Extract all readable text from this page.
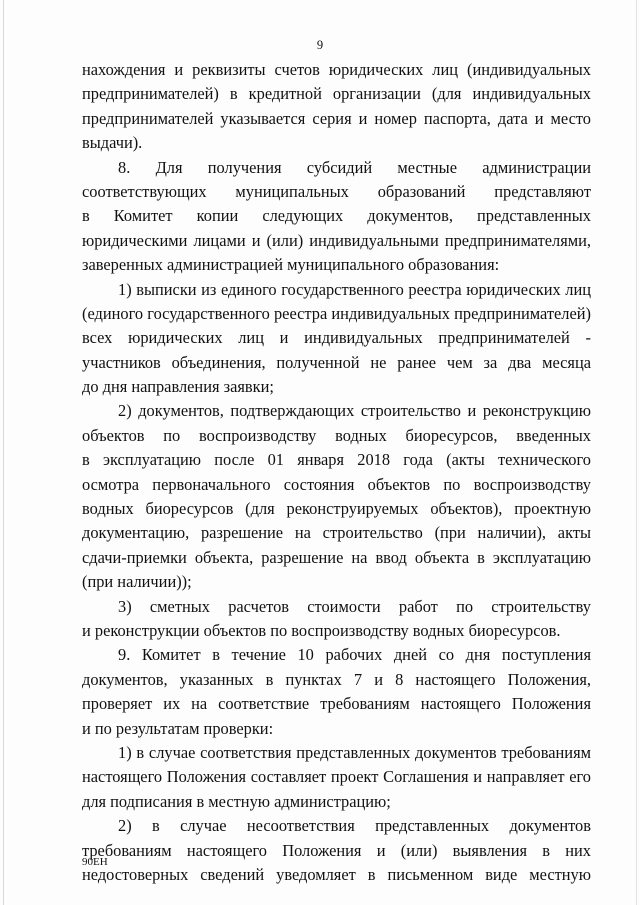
9
нахождения и реквизиты счетов юридических лиц (индивидуальных
предпринимателей) в кредитной организации (для индивидуальных
предпринимателей указывается серия и номер паспорта, дата и место
выдачи).
8. Для получения субсидий местные администрации
соответствующих муниципальных образований представляют
в Комитет копии следующих документов, представленных
юридическими лицами и (или) индивидуальными предпринимателями,
заверенных администрацией муниципального образования:
1) выписки из единого государственного реестра юридических лиц
(единого государственного реестра индивидуальных предпринимателей)
всех юридических лиц и индивидуальных предпринимателей -
участников объединения, полученной не ранее чем за два месяца
до дня направления заявки;
2) документов, подтверждающих строительство и реконструкцию
объектов по воспроизводству водных биоресурсов, введенных
в эксплуатацию после 01 января 2018 года (акты технического
осмотра первоначального состояния объектов по воспроизводству
водных биоресурсов (для реконструируемых объектов), проектную
документацию, разрешение на строительство (при наличии), акты
сдачи-приемки объекта, разрешение на ввод объекта в эксплуатацию
(при наличии));
3) сметных расчетов стоимости работ по строительству
и реконструкции объектов по воспроизводству водных биоресурсов.
9. Комитет в течение 10 рабочих дней со дня поступления
документов, указанных в пунктах 7 и 8 настоящего Положения,
проверяет их на соответствие требованиям настоящего Положения
и по результатам проверки:
1) в случае соответствия представленных документов требованиям
настоящего Положения составляет проект Соглашения и направляет его
для подписания в местную администрацию;
2) в случае несоответствия представленных документов
требованиям настоящего Положения и (или) выявления в них
недостоверных сведений уведомляет в письменном виде местную
90ЕН
